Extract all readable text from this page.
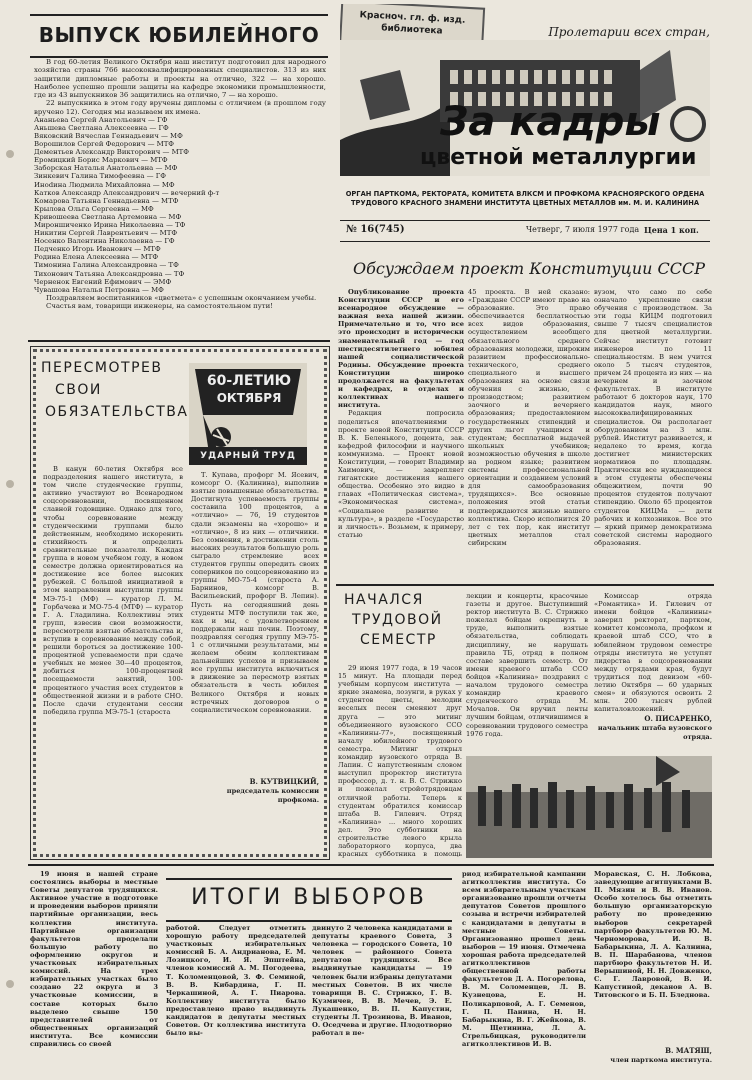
ВЫПУСК ЮБИЛЕЙНОГО

В год 60-летия Великого Октября наш институт подготовил для народного хозяйства страны 766 высококвалифицированных специалистов. 313 из них защитили дипломные работы и проекты на отлично, 322 — на хорошо. Наиболее успешно прошли защиты на кафедре экономики промышленности, где из 43 выпускников 36 защитились на отлично, 7 — на хорошо.

22 выпускника в этом году вручены дипломы с отличием (в прошлом году вручено 12). Сегодня мы называем их имена.

Ананьева Сергей Анатольевич — ГФ
Аньшева Светлана Алексеевна — ГФ
Вяковский Вячеслав Геннадьевич — МФ
Ворошилов Сергей Федорович — МТФ
Дементьев Александр Викторович — МТФ
Еромицкий Борис Маркович — МТФ
Заборская Наталья Анатольевна — МФ
Зинкевич Галина Тимофеевна — ГФ
Иноdина Людмила Михайловна — МФ
Катков Александр Александрович — вечерний ф-т
Комарова Татьяна Геннадьевна — МТФ
Крылова Ольга Сергеевна — МФ
Кривошеева Светлана Артемовна — МФ
Мироншиченко Ирина Николаевна — ТФ
Никитин Сергей Лаврентьевич — МТФ
Носенко Валентина Николаевна — ГФ
Педченко Игорь Иванович — МТФ
Родина Елена Алексеевна — МТФ
Тимонина Галина Александровна — ТФ
Тихонович Татьяна Александровна — ТФ
Черненок Евгений Ефимович — ЭМФ
Чувашова Наталья Петровна — МФ

Поздравляем воспитанников «цветмета» с успешным окончанием учебы.

Счастья вам, товарищи инженеры, на самостоятельном пути!

ПЕРЕСМОТРЕВ
СВОИ
ОБЯЗАТЕЛЬСТВА
60-ЛЕТИЮ
ОКТЯБРЯ
УДАРНЫЙ ТРУД

В канун 60-летия Октября все подразделения нашего института, в том числе студенческие группы, активно участвуют во Всенародном соцсоревновании, посвященном славной годовщине. Однако для того, чтобы соревнование между студенческими группами было действенным, необходимо искоренить стихийность и определить сравнительные показатели. Каждая группа в новом учебном году, в новом семестре должна ориентироваться на достижение все более высоких рубежей. С большой инициативой в этом направлении выступили группы МЭ-75-1 (МФ) — куратор Л. М. Горбачева и МО-75-4 (МТФ) — куратор Г. А. Гладилина. Коллективы этих групп, взвесив свои возможности, пересмотрели взятые обязательства и, вступив в соревнование между собой, решили бороться за достижение 100-процентной успеваемости при сдаче учебных не менее 30—40 процентов, добиться 100-процентной посещаемости занятий, 100-процентного участия всех студентов в общественной жизни и в работе СНО. После сдачи студентами сессии победила группа МЭ-75-1 (староста

Т. Купава, профорг М. Ясевич, комсорг О. (Калинина), выполнив взятые повышенные обязательства. Достигнута успеваемость группы составила 100 процентов, а «отлично» — 76, 19 студентов сдали экзамены на «хорошо» и «отлично», 8 из них — отличники. Без сомнения, в достижении столь высоких результатов большую роль сыграло стремление всех студентов группы опередить своих соперников по соцсоревнованию из группы МО-75-4 (староста А. Барнинов, комсорг В. Васильевский, профорг В. Лепин). Пусть на сегодняшний день студенты МТФ поступили так же, как и мы, с удовлетворением поддержали наш почин. Поэтому, поздравляя сегодня группу МЭ-75-1 с отличными результатами, мы желаем обеим коллективам дальнейших успехов и призываем все группы института включиться в движение за пересмотр взятых обязательств в честь юбилея Великого Октября и новых встречных договоров о социалистическом соревновании.

В. КУТВИЦКИЙ,
председатель комиссии профкома.
Красноч. гл. ф. изд. библиотека	Пролетарии всех стран,
За кадры
цветной металлургии
ОРГАН ПАРТКОМА, РЕКТОРАТА, КОМИТЕТА ВЛКСМ И ПРОФКОМА КРАСНОЯРСКОГО ОРДЕНА ТРУДОВОГО КРАСНОГО ЗНАМЕНИ ИНСТИТУТА ЦВЕТНЫХ МЕТАЛЛОВ им. М. И. КАЛИНИНА
№ 16(745)	Четверг, 7 июля 1977 года Цена 1 коп.
Обсуждаем проект Конституции СССР

Опубликование проекта Конституции СССР и его всенародное обсуждение — важная веха нашей жизни. Примечательно и то, что все это происходит в исторически знаменательный год — год шестидесятилетнего юбилея нашей социалистической Родины. Обсуждение проекта Конституции широко продолжается на факультетах и кафедрах, в отделах и коллективах нашего института.

Редакция попросила поделиться впечатлениями о проекте новой Конституции СССР В. К. Беленького, доцента, зав. кафедрой философии и научного коммунизма. — Проект новой Конституции, — говорит Владимир Хаимович, — закрепляет гигантские достижения нашего общества. Особенно это видно в главах «Политическая система», «Экономическая система», «Социальное развитие и культура», в разделе «Государство и личность». Возьмем, к примеру, статью

45 проекта. В ней сказано: «Граждане СССР имеют право на образование. Это право обеспечивается бесплатностью всех видов образования, осуществлением всеобщего обязательного среднего образования молодежи, широким развитием профессионально-технического, среднего специального и высшего образования на основе связи обучения с жизнью, с производством; развитием заочного и вечернего образования; предоставлением государственных стипендий и других льгот учащимся и студентам; бесплатной выдачей школьных учебников; возможностью обучения в школе на родном языке; развитием системы профессиональной ориентации и созданием условий для самообразования трудящихся». Все основные положения этой статьи подтверждаются жизнью нашего коллектива. Скоро исполнится 20 лет с тех пор, как институт цветных металлов стал сибирским

вузом, что само по себе означало укрепление связи обучения с производством. За эти годы КИЦМ подготовил свыше 7 тысяч специалистов для цветной металлургии. Сейчас институт готовит инженеров по 11 специальностям. В нем учится около 5 тысяч студентов, причем 24 процента из них — на вечернем и заочном факультетах. В институте работают 6 докторов наук, 170 кандидатов наук, много высококвалифицированных специалистов. Он располагает оборудованием на 3 млн. рублей. Институт развивается, и недалеко то время, когда достигнет министерских нормативов по площадям. Практически все нуждающиеся в этом студенты обеспечены общежитием, почти 90 процентов студентов получают стипендию. Около 65 процентов студентов КИЦМа — дети рабочих и колхозников. Все это — яркий пример демократизма советской системы народного образования.

НАЧАЛСЯ
ТРУДОВОЙ
СЕМЕСТР

29 июня 1977 года, в 19 часов 15 минут. На площади перед учебным корпусом института — яркие знамена, лозунги, в руках у студентов цветы, мелодии веселых песен сменяют друг друга — это митинг объединенного вузовского ССО «Калинины-77», посвященный началу юбилейного трудового семестра. Митинг открыл командир вузовского отряда В. Лапин. С напутственным словом выступил проректор института профессор, д. т. н. В. С. Стрижко и пожелал стройотрядовцам отличной работы. Теперь к студентам обратился комиссар штаба В. Гилевич. Отряд «Калинина» ... много хороших дел. Это субботники на строительстве левого крыла лабораторного корпуса, два красных субботника в помощь

лекции и концерты, красочные газеты и другое. Выступивший ректор института В. С. Стрижко пожелал бойцам окрепнуть в труде, выполнить взятые обязательства, соблюдать дисциплину, не нарушать правила ТБ, отряд в полном составе завершить семестр. От имени краевого штаба ССО бойцов «Калинина» поздравил с началом трудового семестра командир краевого студенческого отряда М. Мочалов. Он вручил ленты лучшим бойцам, отличившимся в соревновании трудового семестра 1976 года.

Комиссар отряда «Романтика» И. Гилевич от имени бойцов «Калинины» заверил ректорат, партком, комитет комсомола, профком и краевой штаб ССО, что в юбилейном трудовом семестре отряды института не уступят лидерства в соцсоревновании между отрядами края, будут трудиться под девизом «60-летию Октября — 60 ударных смен» и обязуются освоить 2 млн. 200 тысяч рублей капиталовложений.

О. ПИСАРЕНКО,
начальник штаба вузовского отряда.

19 июня в нашей стране состоялись выборы в местные Советы депутатов трудящихся. Активное участие в подготовке и проведении выборов приняли партийные организации, весь коллектив института. Партийные организации факультетов проделали большую работу по оформлению округов и участковых избирательных комиссий. На трех избирательных участках было создано 22 округа и 3 участковые комиссии, в составе которых было выделено свыше 150 представителей от общественных организаций института. Все комиссии справились со своей

ИТОГИ ВЫБОРОВ

работой. Следует отметить хорошую работу председателей участковых избирательных комиссий Б. А. Андрианова, Е. М. Лозицкого, И. Я. Эпштейна, членов комиссий А. М. Погодеева, Т. Коломенцовой, З. Ф. Семиной, В. В. Кибардина, Г. П. Черкашиной, А. Г. Пиарова. Коллективу института было предоставлено право выдвинуть кандидатов в депутаты местных Советов. От коллектива института было вы-

двинуто 2 человека кандидатами в депутаты краевого Совета, 3 человека — городского Совета, 10 человек — районного Совета депутатов трудящихся. Все выдвинутые кандидаты — 19 человек были избраны депутатами местных Советов. В их числе товарищи В. С. Стрижко, Г. В. Кузмичев, В. В. Мечев, Э. Е. Лукашенко, В. П. Капустин, студенты Л. Трозинова, В. Иванов, О. Оседчева и другие. Плодотворно работал в пе-

риод избирательной кампании агитколлектив института. Со всем избирательным участкам организованно прошли отчеты депутатов Советов прошлого созыва и встречи избирателей с кандидатами в депутаты в местные Советы. Организованно прошел день выборов — 19 июня. Отмечена хорошая работа председателей агитколлективов общественной работы факультетов Д. А. Погорелова, В. М. Соломенцев, Л. В. Кузнецова, Е. Н. Поликарповой, А. Г. Семенов, Г. П. Панина, Н. Н. Бабарыкина, В. Г. Жейкова, В. М. Щетинина, Л. А. Стрельбицкая, руководители агитколлективов И. В.

Моравская, С. Н. Лобкова, заведующие агитпунктами В. П. Мязин и В. В. Иванов. Особо хотелось бы отметить большую организаторскую работу по проведению выборов секретарей партбюро факультетов Ю. М. Черноморова, И. В. Бабарыкина, Л. А. Калнина, В. П. Шарабанова, членов партбюро факультетов Н. И. Верышиной, Н. Н. Довженко, С. Г. Лавровой, В. И. Капустиной, деканов А. В. Титовского и Б. П. Бледнова.

В. МАТЯШ,
член парткома института.
